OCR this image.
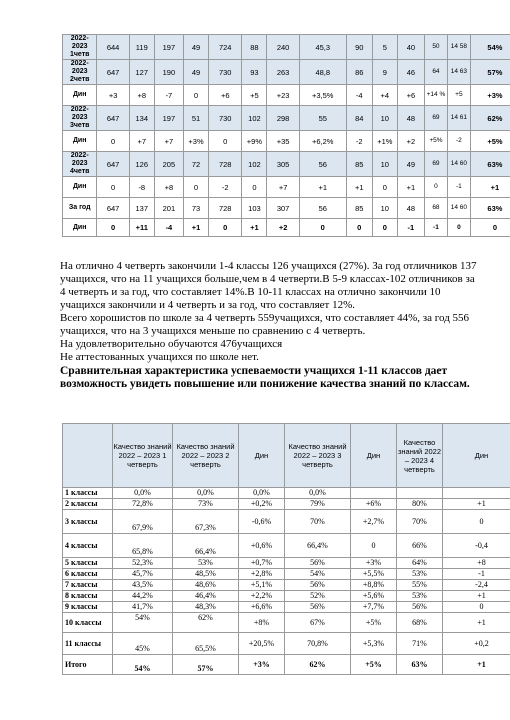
2022-2023 1четв	644	119	197	49	724	88	240	45,3	90	5	40	50	14 58	54%
2022-2023 2четв	647	127	190	49	730	93	263	48,8	86	9	46	64	14 63	57%
Дин	+3	+8	-7	0	+6	+5	+23	+3,5%	-4	+4	+6	+14 %	+5	+3%
2022-2023 3четв	647	134	197	51	730	102	298	55	84	10	48	69	14 61	62%
Дин	0	+7	+7	+3%	0	+9%	+35	+6,2%	-2	+1%	+2	+5%	-2	+5%
2022-2023 4четв	647	126	205	72	728	102	305	56	85	10	49	69	14 60	63%
Дин	0	-8	+8	0	-2	0	+7	+1	+1	0	+1	0	-1	+1
За год	647	137	201	73	728	103	307	56	85	10	48	68	14 60	63%
Дин	0	+11	-4	+1	0	+1	+2	0	0	0	-1	-1	0	0

На отлично 4 четверть закончили 1-4 классы 126 учащихся (27%). За год отличников 137 учащихся, что на 11 учащихся больше,чем в 4 четверти.В 5-9 классах-102 отличников за 4 четверть и за год, что составляет 14%.В 10-11 классах на отлично закончили 10 учащихся закончили и 4 четверть и за год, что составляет 12%.

Всего хорошистов по школе за 4 четверть 559учащихся, что составляет 44%, за год 556 учащихся, что на 3 учащихся меньше по сравнению с 4 четверть.

На удовлетворительно обучаются 476учащихся

Не аттестованных учащихся по школе нет.

Сравнительная характеристика успеваемости учащихся 1-11 классов дает возможность увидеть повышение или понижение качества знаний по классам.

	Качество знаний 2022 – 2023 1 четверть	Качество знаний 2022 – 2023 2 четверть	Дин	Качество знаний 2022 – 2023 3 четверть	Дин	Качество знаний 2022 – 2023 4 четверть	Дин
1 классы	0,0%	0,0%	0,0%	0,0%			
2 классы	72,8%	73%	+0,2%	79%	+6%	80%	+1
3 классы	67,9%	67,3%	-0,6%	70%	+2,7%	70%	0
4 классы	65,8%	66,4%	+0,6%	66,4%	0	66%	-0,4
5 классы	52,3%	53%	+0,7%	56%	+3%	64%	+8
6 классы	45,7%	48,5%	+2,8%	54%	+5,5%	53%	-1
7 классы	43,5%	48,6%	+5,1%	56%	+8,8%	55%	-2,4
8 классы	44,2%	46,4%	+2,2%	52%	+5,6%	53%	+1
9 классы	41,7%	48,3%	+6,6%	56%	+7,7%	56%	0
10 классы	54%	62%	+8%	67%	+5%	68%	+1
11 классы	45%	65,5%	+20,5%	70,8%	+5,3%	71%	+0,2
Итого	54%	57%	+3%	62%	+5%	63%	+1
